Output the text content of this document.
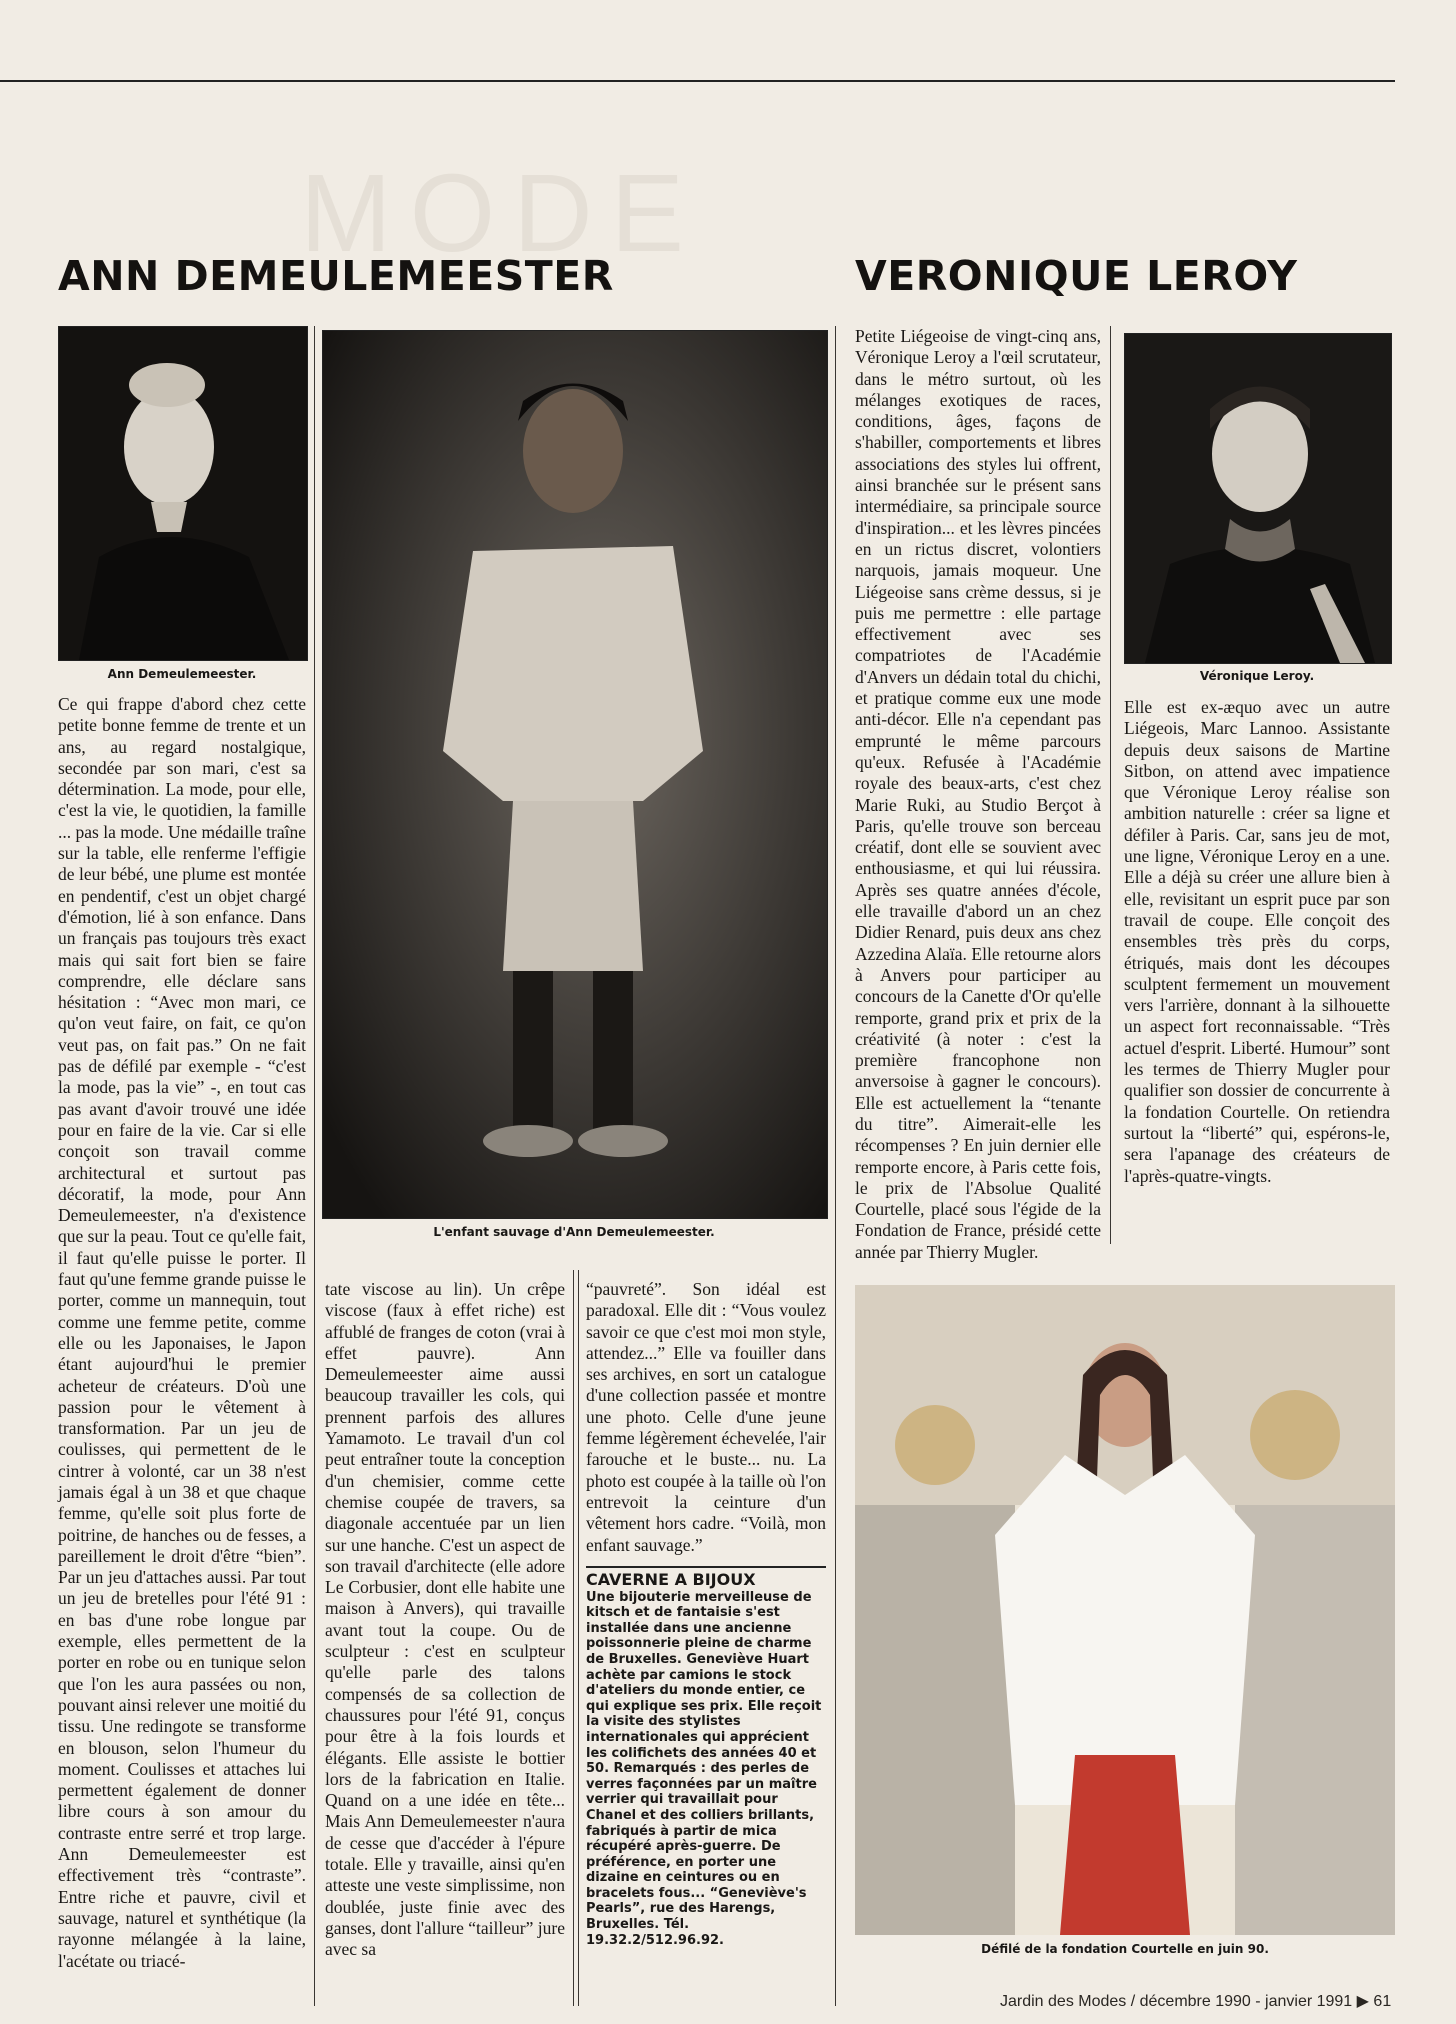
MODE
ANN DEMEULEMEESTER
Ann Demeulemeester.
L'enfant sauvage d'Ann Demeulemeester.

Ce qui frappe d'abord chez cette petite bonne femme de trente et un ans, au regard nostalgique, secondée par son mari, c'est sa détermination. La mode, pour elle, c'est la vie, le quotidien, la famille ... pas la mode. Une médaille traîne sur la table, elle renferme l'effigie de leur bébé, une plume est montée en pendentif, c'est un objet chargé d'émotion, lié à son enfance. Dans un français pas toujours très exact mais qui sait fort bien se faire comprendre, elle déclare sans hésitation : “Avec mon mari, ce qu'on veut faire, on fait, ce qu'on veut pas, on fait pas.” On ne fait pas de défilé par exemple - “c'est la mode, pas la vie” -, en tout cas pas avant d'avoir trouvé une idée pour en faire de la vie. Car si elle conçoit son travail comme architectural et surtout pas décoratif, la mode, pour Ann Demeulemeester, n'a d'existence que sur la peau. Tout ce qu'elle fait, il faut qu'elle puisse le porter. Il faut qu'une femme grande puisse le porter, comme un mannequin, tout comme une femme petite, comme elle ou les Japonaises, le Japon étant aujourd'hui le premier acheteur de créateurs. D'où une passion pour le vêtement à transformation. Par un jeu de coulisses, qui permettent de le cintrer à volonté, car un 38 n'est jamais égal à un 38 et que chaque femme, qu'elle soit plus forte de poitrine, de hanches ou de fesses, a pareillement le droit d'être “bien”. Par un jeu d'attaches aussi. Par tout un jeu de bretelles pour l'été 91 : en bas d'une robe longue par exemple, elles permettent de la porter en robe ou en tunique selon que l'on les aura passées ou non, pouvant ainsi relever une moitié du tissu. Une redingote se transforme en blouson, selon l'humeur du moment. Coulisses et attaches lui permettent également de donner libre cours à son amour du contraste entre serré et trop large. Ann Demeulemeester est effectivement très “contraste”. Entre riche et pauvre, civil et sauvage, naturel et synthétique (la rayonne mélangée à la laine, l'acétate ou triacé-

tate viscose au lin). Un crêpe viscose (faux à effet riche) est affublé de franges de coton (vrai à effet pauvre). Ann Demeulemeester aime aussi beaucoup travailler les cols, qui prennent parfois des allures Yamamoto. Le travail d'un col peut entraîner toute la conception d'un chemisier, comme cette chemise coupée de travers, sa diagonale accentuée par un lien sur une hanche. C'est un aspect de son travail d'architecte (elle adore Le Corbusier, dont elle habite une maison à Anvers), qui travaille avant tout la coupe. Ou de sculpteur : c'est en sculpteur qu'elle parle des talons compensés de sa collection de chaussures pour l'été 91, conçus pour être à la fois lourds et élégants. Elle assiste le bottier lors de la fabrication en Italie. Quand on a une idée en tête... Mais Ann Demeulemeester n'aura de cesse que d'accéder à l'épure totale. Elle y travaille, ainsi qu'en atteste une veste simplissime, non doublée, juste finie avec des ganses, dont l'allure “tailleur” jure avec sa

“pauvreté”. Son idéal est paradoxal. Elle dit : “Vous voulez savoir ce que c'est moi mon style, attendez...” Elle va fouiller dans ses archives, en sort un catalogue d'une collection passée et montre une photo. Celle d'une jeune femme légèrement échevelée, l'air farouche et le buste... nu. La photo est coupée à la taille où l'on entrevoit la ceinture d'un vêtement hors cadre. “Voilà, mon enfant sauvage.”

CAVERNE A BIJOUX
Une bijouterie merveilleuse de kitsch et de fantaisie s'est installée dans une ancienne poissonnerie pleine de charme de Bruxelles. Geneviève Huart achète par camions le stock d'ateliers du monde entier, ce qui explique ses prix. Elle reçoit la visite des stylistes internationales qui apprécient les colifichets des années 40 et 50. Remarqués : des perles de verres façonnées par un maître verrier qui travaillait pour Chanel et des colliers brillants, fabriqués à partir de mica récupéré après-guerre. De préférence, en porter une dizaine en ceintures ou en bracelets fous... “Geneviève's Pearls”, rue des Harengs, Bruxelles. Tél. 19.32.2/512.96.92.
VERONIQUE LEROY

Petite Liégeoise de vingt-cinq ans, Véronique Leroy a l'œil scrutateur, dans le métro surtout, où les mélanges exotiques de races, conditions, âges, façons de s'habiller, comportements et libres associations des styles lui offrent, ainsi branchée sur le présent sans intermédiaire, sa principale source d'inspiration... et les lèvres pincées en un rictus discret, volontiers narquois, jamais moqueur. Une Liégeoise sans crème dessus, si je puis me permettre : elle partage effectivement avec ses compatriotes de l'Académie d'Anvers un dédain total du chichi, et pratique comme eux une mode anti-décor. Elle n'a cependant pas emprunté le même parcours qu'eux. Refusée à l'Académie royale des beaux-arts, c'est chez Marie Ruki, au Studio Berçot à Paris, qu'elle trouve son berceau créatif, dont elle se souvient avec enthousiasme, et qui lui réussira. Après ses quatre années d'école, elle travaille d'abord un an chez Didier Renard, puis deux ans chez Azzedina Alaïa. Elle retourne alors à Anvers pour participer au concours de la Canette d'Or qu'elle remporte, grand prix et prix de la créativité (à noter : c'est la première francophone non anversoise à gagner le concours). Elle est actuellement la “tenante du titre”. Aimerait-elle les récompenses ? En juin dernier elle remporte encore, à Paris cette fois, le prix de l'Absolue Qualité Courtelle, placé sous l'égide de la Fondation de France, présidé cette année par Thierry Mugler.

Véronique Leroy.

Elle est ex-æquo avec un autre Liégeois, Marc Lannoo. Assistante depuis deux saisons de Martine Sitbon, on attend avec impatience que Véronique Leroy réalise son ambition naturelle : créer sa ligne et défiler à Paris. Car, sans jeu de mot, une ligne, Véronique Leroy en a une. Elle a déjà su créer une allure bien à elle, revisitant un esprit puce par son travail de coupe. Elle conçoit des ensembles très près du corps, étriqués, mais dont les découpes sculptent fermement un mouvement vers l'arrière, donnant à la silhouette un aspect fort reconnaissable. “Très actuel d'esprit. Liberté. Humour” sont les termes de Thierry Mugler pour qualifier son dossier de concurrente à la fondation Courtelle. On retiendra surtout la “liberté” qui, espérons-le, sera l'apanage des créateurs de l'après-quatre-vingts.

Défilé de la fondation Courtelle en juin 90.
Jardin des Modes / décembre 1990 - janvier 1991 ▶ 61
